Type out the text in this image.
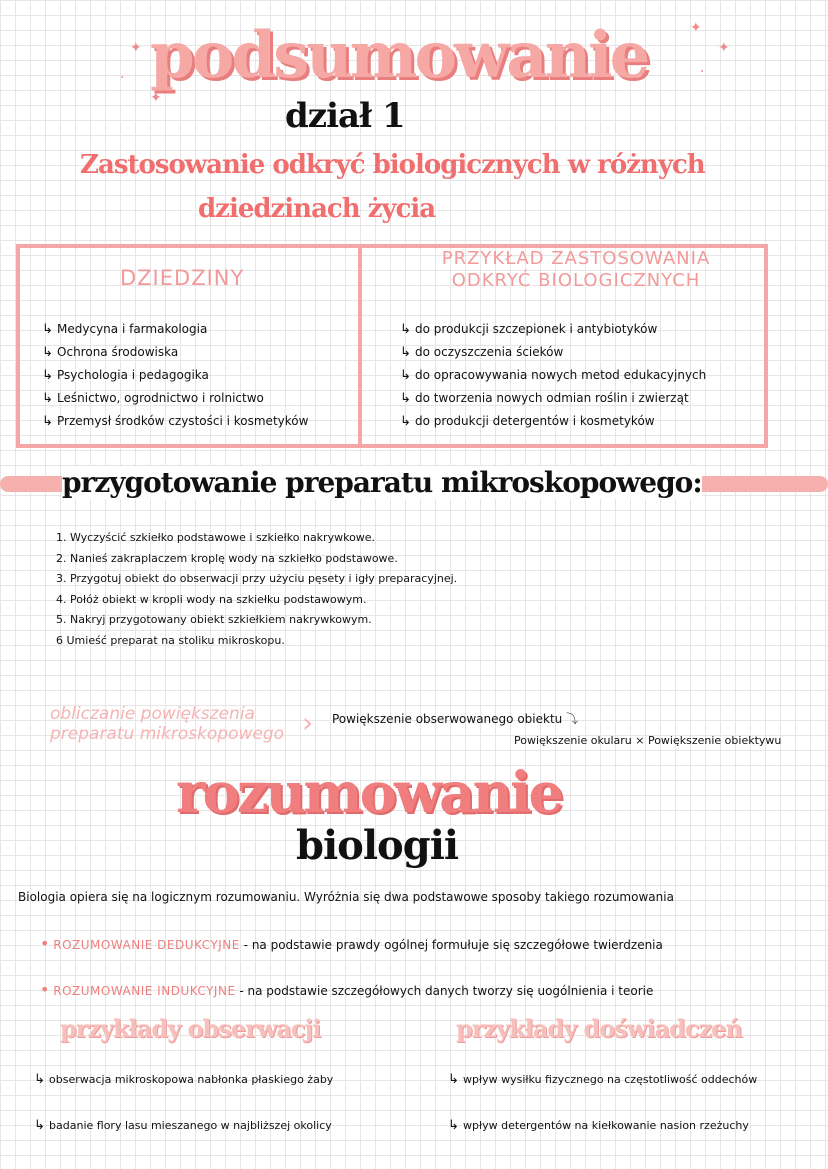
✦
✦
·
✦
✦
·
podsumowanie
dział 1
Zastosowanie odkryć biologicznych w różnych
dziedzinach życia
DZIEDZINY
PRZYKŁAD ZASTOSOWANIA
ODKRYĆ BIOLOGICZNYCH
↳ Medycyna i farmakologia
↳ Ochrona środowiska
↳ Psychologia i pedagogika
↳ Leśnictwo, ogrodnictwo i rolnictwo
↳ Przemysł środków czystości i kosmetyków
↳ do produkcji szczepionek i antybiotyków
↳ do oczyszczenia ścieków
↳ do opracowywania nowych metod edukacyjnych
↳ do tworzenia nowych odmian roślin i zwierząt
↳ do produkcji detergentów i kosmetyków
przygotowanie preparatu mikroskopowego:
1. Wyczyścić szkiełko podstawowe i szkiełko nakrywkowe.
2. Nanieś zakraplaczem kroplę wody na szkiełko podstawowe.
3. Przygotuj obiekt do obserwacji przy użyciu pęsety i igły preparacyjnej.
4. Połóż obiekt w kropli wody na szkiełku podstawowym.
5. Nakryj przygotowany obiekt szkiełkiem nakrywkowym.
6 Umieść preparat na stoliku mikroskopu.
obliczanie powiększenia
preparatu mikroskopowego › Powiększenie obserwowanego obiektu ⤵
Powiększenie okularu × Powiększenie obiektywu
rozumowanie
biologii
Biologia opiera się na logicznym rozumowaniu. Wyróżnia się dwa podstawowe sposoby takiego rozumowania
• ROZUMOWANIE DEDUKCYJNE - na podstawie prawdy ogólnej formułuje się szczegółowe twierdzenia
• ROZUMOWANIE INDUKCYJNE - na podstawie szczegółowych danych tworzy się uogólnienia i teorie
przykłady obserwacji	przykłady doświadczeń
↳ obserwacja mikroskopowa nabłonka płaskiego żaby
↳ badanie flory lasu mieszanego w najbliższej okolicy
↳ wpływ wysiłku fizycznego na częstotliwość oddechów
↳ wpływ detergentów na kiełkowanie nasion rzeżuchy
